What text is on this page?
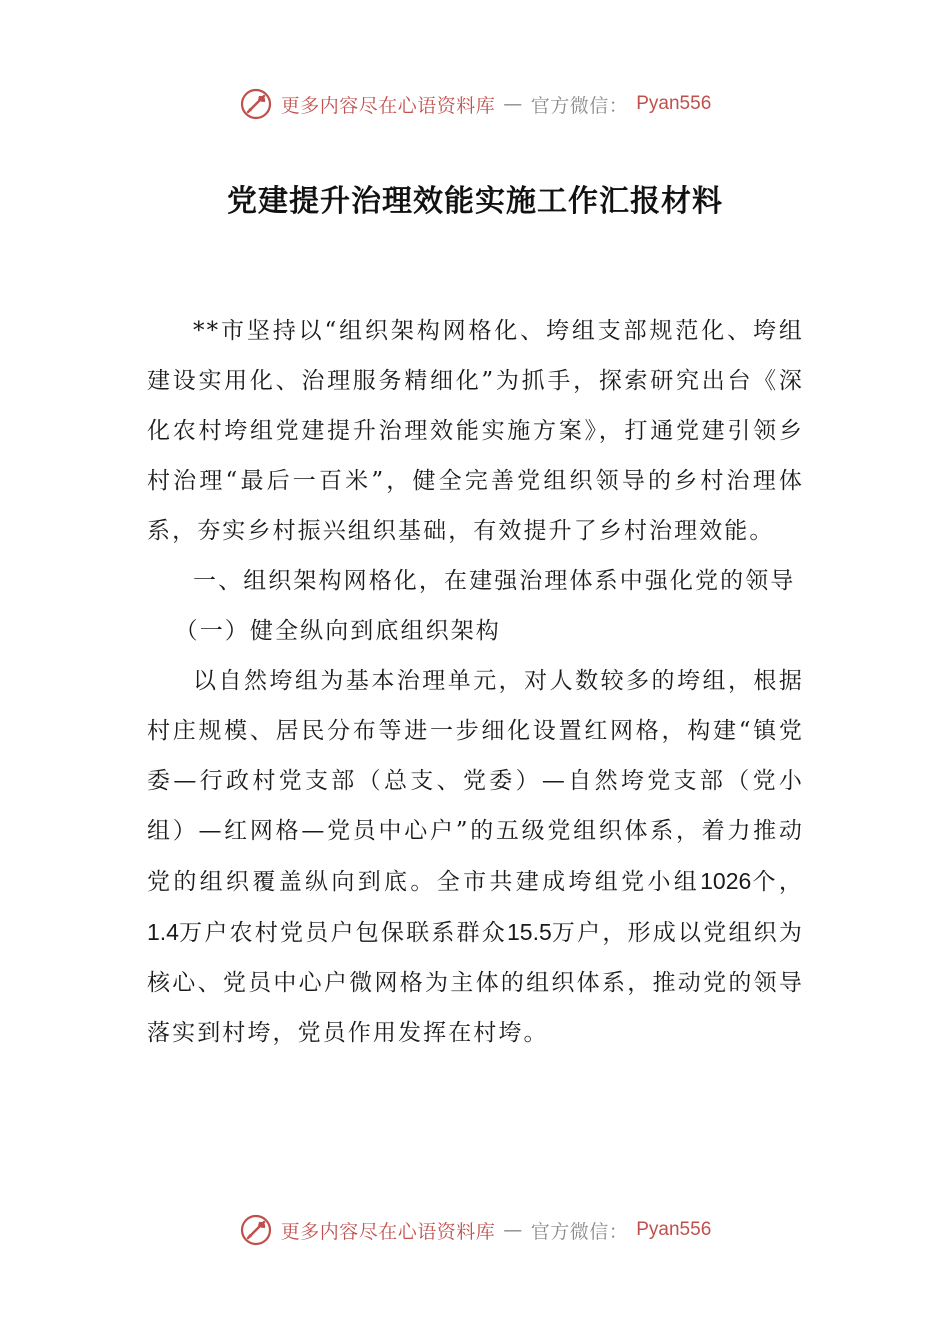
更多内容尽在心语资料库 — 官方微信： Pyan556
党建提升治理效能实施工作汇报材料

**市坚持以“组织架构网格化、垮组支部规范化、垮组建设实用化、治理服务精细化”为抓手，探索研究出台《深化农村垮组党建提升治理效能实施方案》，打通党建引领乡村治理“最后一百米”，健全完善党组织领导的乡村治理体系，夯实乡村振兴组织基础，有效提升了乡村治理效能。

一、组织架构网格化，在建强治理体系中强化党的领导

（一）健全纵向到底组织架构

以自然垮组为基本治理单元，对人数较多的垮组，根据村庄规模、居民分布等进一步细化设置红网格，构建“镇党委—行政村党支部（总支、党委）—自然垮党支部（党小组）—红网格—党员中心户”的五级党组织体系，着力推动党的组织覆盖纵向到底。全市共建成垮组党小组1026个，1.4万户农村党员户包保联系群众15.5万户，形成以党组织为核心、党员中心户微网格为主体的组织体系，推动党的领导落实到村垮，党员作用发挥在村垮。

更多内容尽在心语资料库 — 官方微信： Pyan556
